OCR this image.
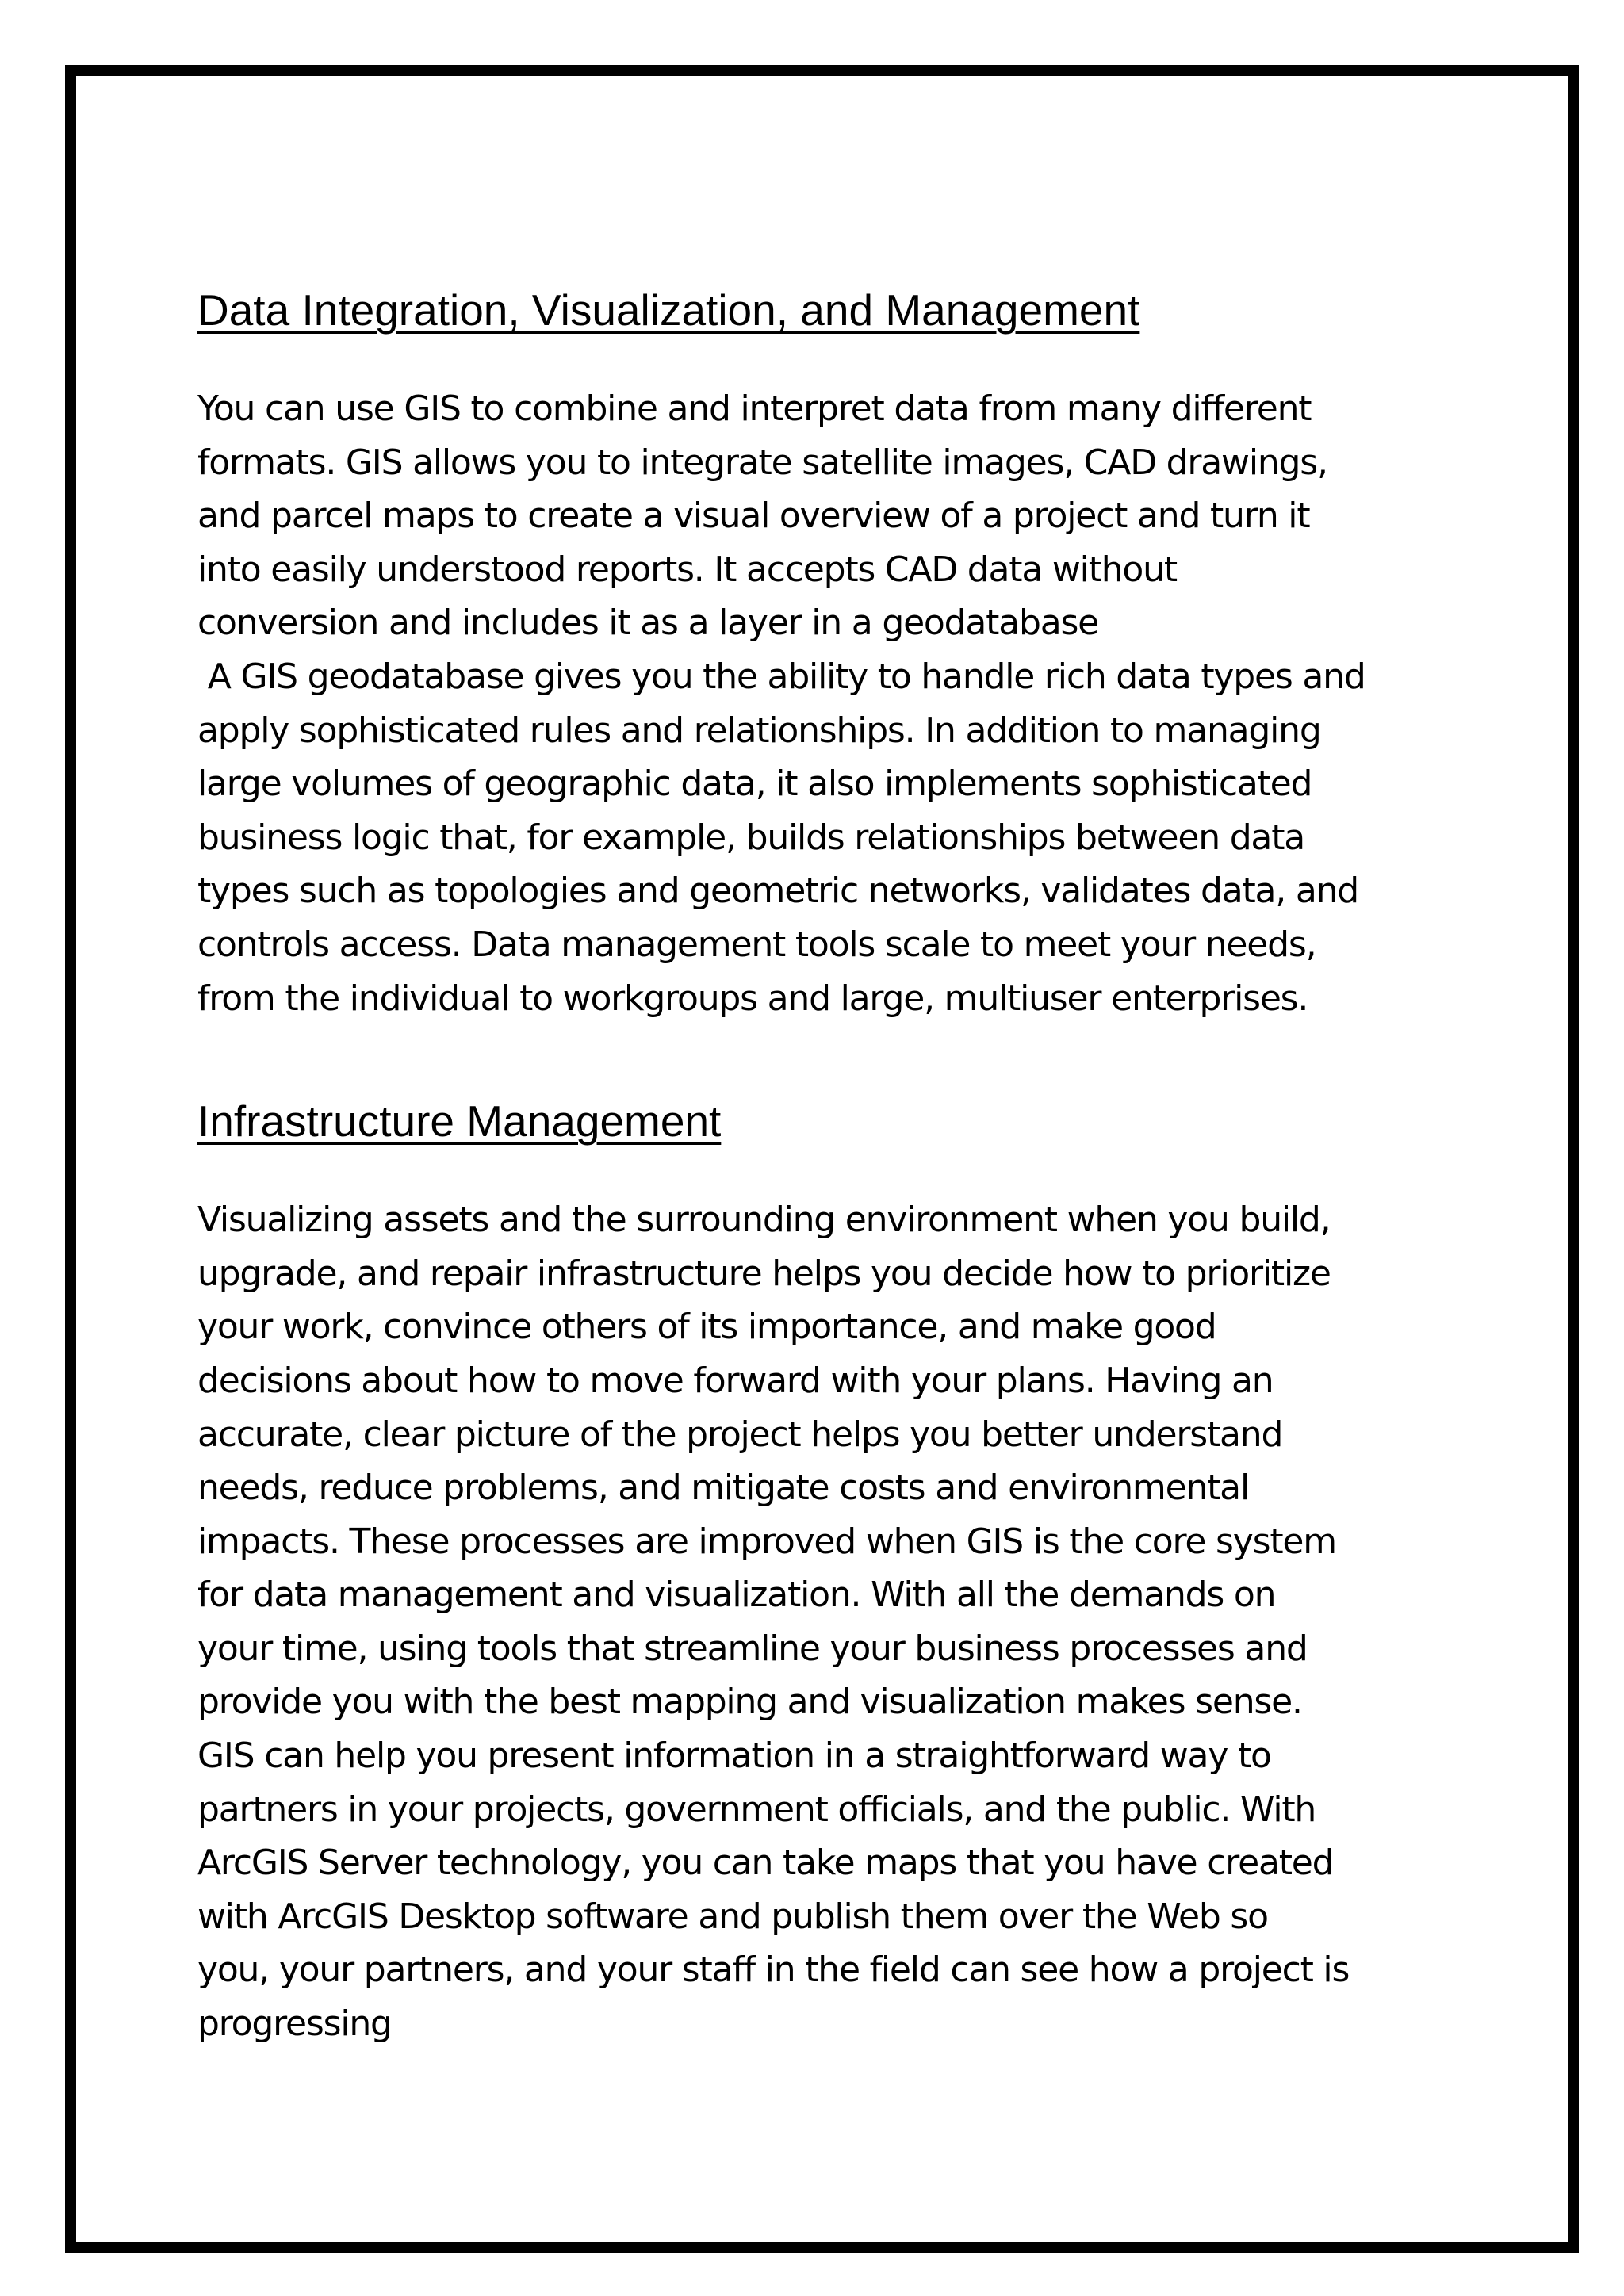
Data Integration, Visualization, and Management
You can use GIS to combine and interpret data from many different
formats. GIS allows you to integrate satellite images, CAD drawings,
and parcel maps to create a visual overview of a project and turn it
into easily understood reports. It accepts CAD data without
conversion and includes it as a layer in a geodatabase
A GIS geodatabase gives you the ability to handle rich data types and
apply sophisticated rules and relationships. In addition to managing
large volumes of geographic data, it also implements sophisticated
business logic that, for example, builds relationships between data
types such as topologies and geometric networks, validates data, and
controls access. Data management tools scale to meet your needs,
from the individual to workgroups and large, multiuser enterprises.
Infrastructure Management
Visualizing assets and the surrounding environment when you build,
upgrade, and repair infrastructure helps you decide how to prioritize
your work, convince others of its importance, and make good
decisions about how to move forward with your plans. Having an
accurate, clear picture of the project helps you better understand
needs, reduce problems, and mitigate costs and environmental
impacts. These processes are improved when GIS is the core system
for data management and visualization. With all the demands on
your time, using tools that streamline your business processes and
provide you with the best mapping and visualization makes sense.
GIS can help you present information in a straightforward way to
partners in your projects, government officials, and the public. With
ArcGIS Server technology, you can take maps that you have created
with ArcGIS Desktop software and publish them over the Web so
you, your partners, and your staff in the field can see how a project is
progressing
